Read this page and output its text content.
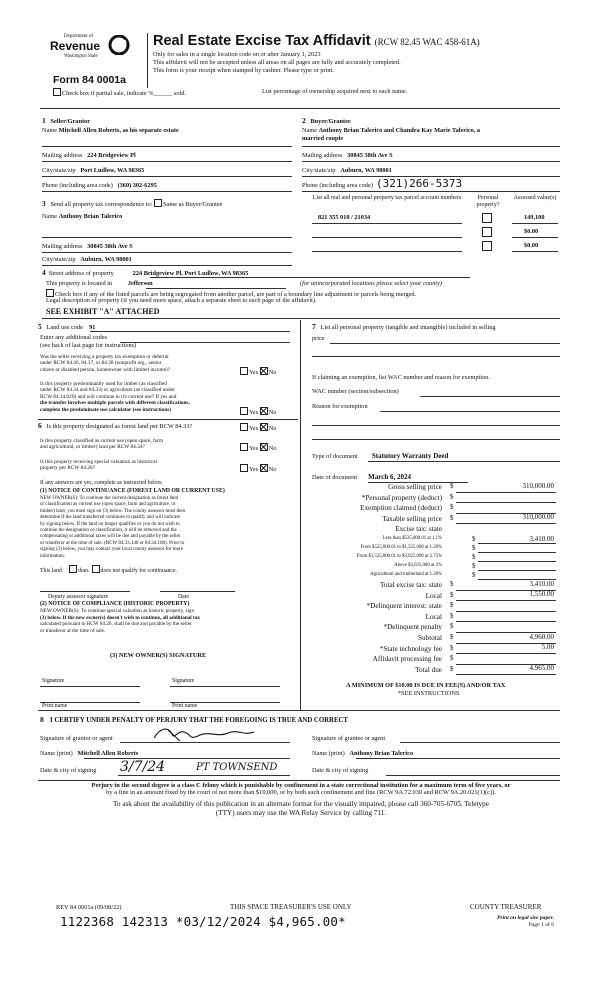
Department of
Revenue
Washington State
Real Estate Excise Tax Affidavit (RCW 82.45 WAC 458-61A)
Only for sales in a single location code on or after January 1, 2023
This affidavit will not be accepted unless all areas on all pages are fully and accurately completed.
This form is your receipt when stamped by cashier. Please type or print.
Form 84 0001a
Check box if partial sale, indicate %______ sold.	List percentage of ownership acquired next to each name.
1 Seller/Grantor
Name Mitchell Allen Roberts, as his separate estate
Mailing address 224 Bridgeview Pl
City/state/zip Port Ludlow, WA 98365
Phone (including area code) (360) 302-6295
2 Buyer/Grantee
Name Anthony Brian Talerico and Chandra Kay Marie Talerico, a
married couple
Mailing address 30845 38th Ave S
City/state/zip Auburn, WA 98001
Phone (including area code) (321)266-5373
3 Send all property tax correspondence to: Same as Buyer/Grantee
Name Anthony Brian Talerico
Mailing address 30845 38th Ave S
City/state/zip Auburn, WA 98001
List all real and personal property tax parcel account numbers	Personal property?
Assessed value(s)
821 355 010 / 21034	149,100
$0.00
$0.00
4 Street address of property	224 Bridgeview Pl, Port Ludlow, WA 98365
This property is located in	Jefferson	(for unincorporated locations please select your county)
Check box if any of the listed parcels are being segregated from another parcel, are part of a boundary line adjustment or parcels being merged.
Legal description of property (if you need more space, attach a separate sheet to each page of the affidavit).
SEE EXHIBIT "A" ATTACHED
5 Land use code 91
Enter any additional codes
(see back of last page for instructions)
Was the seller receiving a property tax exemption or deferral
under RCW 84.36, 84.37, or 84.38 (nonprofit org., senior
citizen or disabled person, homeowner with limited income)?	Yes No
Is this property predominantly used for timber (as classified
under RCW 84.34 and 84.33) or agriculture (as classified under
RCW 84.34.020) and will continue in it's current use? If yes and
the transfer involves multiple parcels with different classifications,
complete the predominate use calculator (see instructions)	Yes No
6 Is this property designated as forest land per RCW 84.33?	Yes No
Is this property classified as current use (open space, farm
and agricultural, or timber) land per RCW 84.34?	Yes No
Is this property receiving special valuation as historical
property per RCW 84.26?	Yes No
If any answers are yes, complete as instructed below.
(1) NOTICE OF CONTINUANCE (FOREST LAND OR CURRENT USE)
NEW OWNER(S): To continue the current designation as forest land
or classification as current use (open space, farm and agriculture, or
timber) land, you must sign on (3) below. The county assessor must then
determine if the land transferred continues to qualify and will indicate
by signing below. If the land no longer qualifies or you do not wish to
continue the designation or classification, it will be removed and the
compensating or additional taxes will be due and payable by the seller
or transferor at the time of sale. (RCW 84.33.140 or 84.34.108). Prior to
signing (3) below, you may contact your local county assessor for more
information.
This land	does does not qualify for continuance.
Deputy assessor signature	Date
(2) NOTICE OF COMPLIANCE (HISTORIC PROPERTY)
NEW OWNER(S): To continue special valuation as historic property, sign
(3) below. If the new owner(s) doesn't wish to continue, all additional tax
calculated pursuant to RCW 84.26, shall be due and payable by the seller
or transferor at the time of sale.
(3) NEW OWNER(S) SIGNATURE
Signature	Signature
Print name	Print name
7 List all personal property (tangible and intangible) included in selling
price
If claiming an exemption, list WAC number and reason for exemption.
WAC number (section/subsection)
Reason for exemption
Type of document Statutory Warranty Deed
Date of document March 6, 2024
Gross selling price $	310,000.00
*Personal property (deduct) $
Exemption claimed (deduct) $
Taxable selling price $	310,000.00
Excise tax: state
Less than $525,000.01 at 1.1%	$	3,410.00
From $525,000.01 to $1,525,000 at 1.28%	$
From $1,525,000.01 to $3,025,000 at 2.75%	$
Above $3,025,000 at 3%	$
Agricultural and timberland at 1.28%	$
Total excise tax: state $	3,410.00
Local $	1,550.00
*Delinquent interest: state $
Local $
*Delinquent penalty $
Subtotal $	4,960.00
*State technology fee $	5.00
Affidavit processing fee $
Total due $	4,965.00
A MINIMUM OF $10.00 IS DUE IN FEE(S) AND/OR TAX
*SEE INSTRUCTIONS
8 I CERTIFY UNDER PENALTY OF PERJURY THAT THE FOREGOING IS TRUE AND CORRECT
Signature of grantor or agent	Signature of grantee or agent
Name (print) Mitchell Allen Roberts	Name (print) Anthony Brian Talerico
Date & city of signing 3/7/24	PT TOWNSEND	Date & city of signing
Perjury in the second degree is a class C felony which is punishable by confinement in a state correctional institution for a maximum term of five years, or
by a fine in an amount fixed by the court of not more than $10,000, or by both such confinement and fine (RCW 9A.72.030 and RCW 9A.20.021(1)(c)).
To ask about the availability of this publication in an alternate format for the visually impaired, please call 360-705-6705. Teletype
(TTY) users may use the WA Relay Service by calling 711.
REV 84 0001a (09/08/22)	THIS SPACE TREASURER'S USE ONLY	COUNTY TREASURER
Print on legal size paper.
Page 1 of 6
1122368 142313 *03/12/2024 $4,965.00*
